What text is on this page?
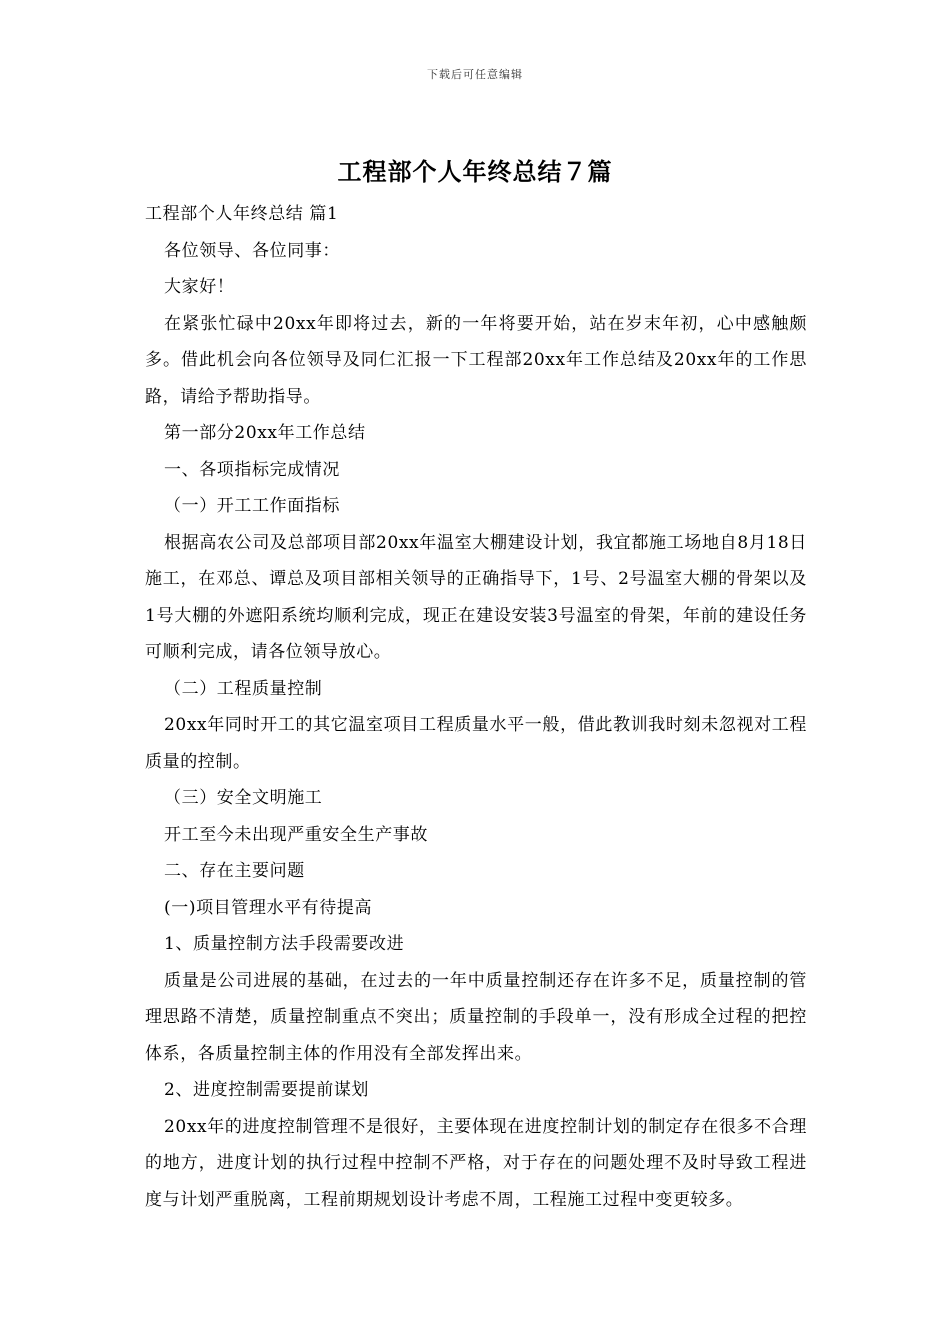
下载后可任意编辑
工程部个人年终总结７篇

工程部个人年终总结 篇1

各位领导、各位同事：

大家好！

在紧张忙碌中20xx年即将过去，新的一年将要开始，站在岁末年初，心中感触颇多。借此机会向各位领导及同仁汇报一下工程部20xx年工作总结及20xx年的工作思路，请给予帮助指导。

第一部分20xx年工作总结

一、各项指标完成情况

（一）开工工作面指标

根据高农公司及总部项目部20xx年温室大棚建设计划，我宜都施工场地自8月18日施工，在邓总、谭总及项目部相关领导的正确指导下，1号、2号温室大棚的骨架以及1号大棚的外遮阳系统均顺利完成，现正在建设安装3号温室的骨架，年前的建设任务可顺利完成，请各位领导放心。

（二）工程质量控制

20xx年同时开工的其它温室项目工程质量水平一般，借此教训我时刻未忽视对工程质量的控制。

（三）安全文明施工

开工至今未出现严重安全生产事故

二、存在主要问题

(一)项目管理水平有待提高

1、质量控制方法手段需要改进

质量是公司进展的基础，在过去的一年中质量控制还存在许多不足，质量控制的管理思路不清楚，质量控制重点不突出；质量控制的手段单一，没有形成全过程的把控体系，各质量控制主体的作用没有全部发挥出来。

2、进度控制需要提前谋划

20xx年的进度控制管理不是很好，主要体现在进度控制计划的制定存在很多不合理的地方，进度计划的执行过程中控制不严格，对于存在的问题处理不及时导致工程进度与计划严重脱离，工程前期规划设计考虑不周，工程施工过程中变更较多。
